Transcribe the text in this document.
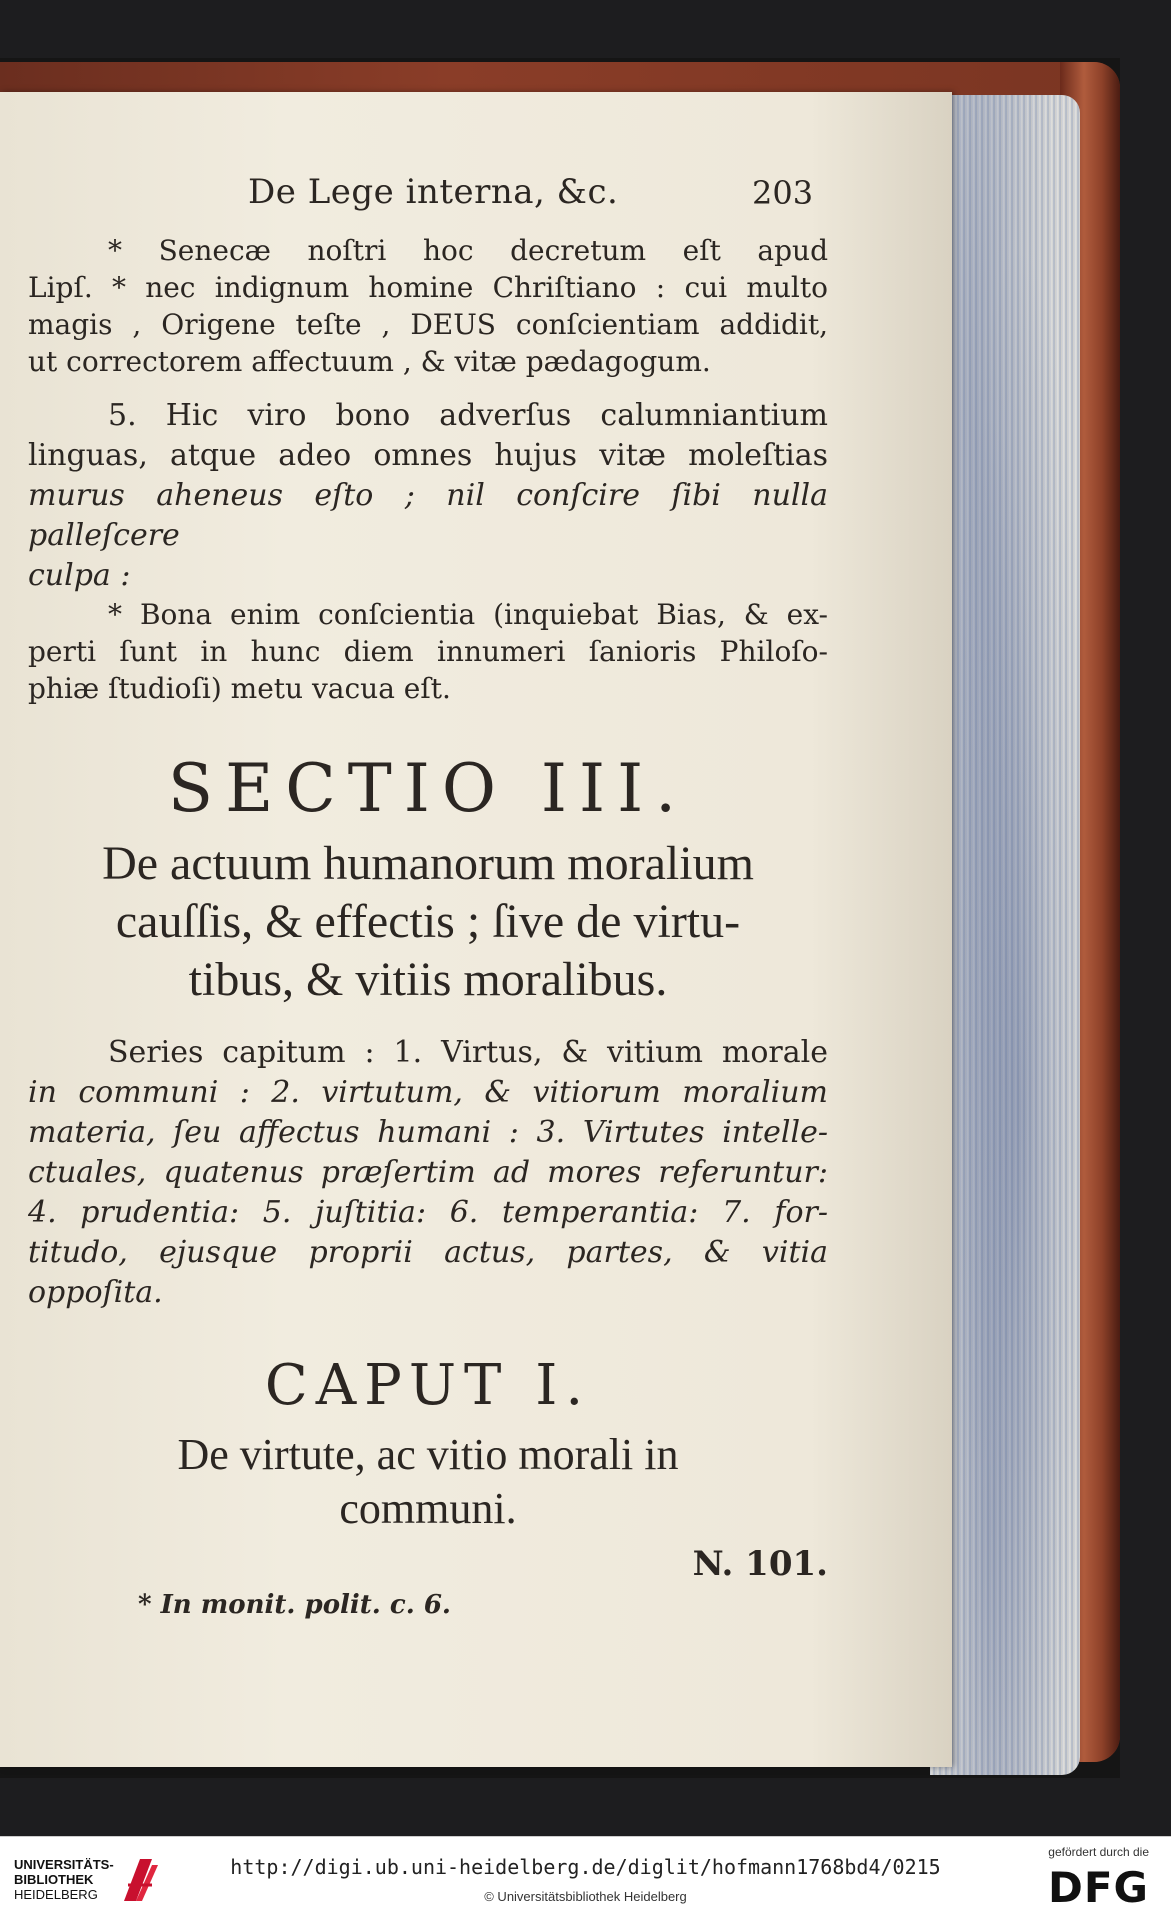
De Lege interna, &c.	203

* Senecæ noſtri hoc decretum eſt apud

Lipſ. * nec indignum homine Chriſtiano : cui multo

magis , Origene teſte , DEUS conſcientiam addidit,

ut correctorem affectuum , & vitæ pædagogum.

5. Hic viro bono adverſus calumniantium

linguas, atque adeo omnes hujus vitæ moleſtias

murus aheneus eſto ; nil conſcire ſibi nulla palleſcere

culpa :

* Bona enim conſcientia (inquiebat Bias, & ex-

perti ſunt in hunc diem innumeri ſanioris Philoſo-

phiæ ſtudioſi) metu vacua eſt.

SECTIO III.

De actuum humanorum moralium

cauſſis, & effectis ; ſive de virtu-

tibus, & vitiis moralibus.

Series capitum : 1. Virtus, & vitium morale

in communi : 2. virtutum, & vitiorum moralium

materia, ſeu affectus humani : 3. Virtutes intelle-

ctuales, quatenus præſertim ad mores referuntur:

4. prudentia: 5. juſtitia: 6. temperantia: 7. for-

titudo, ejusque proprii actus, partes, & vitia oppoſita.

CAPUT I.

De virtute, ac vitio morali in

communi.

N. 101.

* In monit. polit. c. 6.

UNIVERSITÄTS-
BIBLIOTHEK
HEIDELBERG
http://digi.ub.uni-heidelberg.de/diglit/hofmann1768bd4/0215
© Universitätsbibliothek Heidelberg
gefördert durch die
DFG
